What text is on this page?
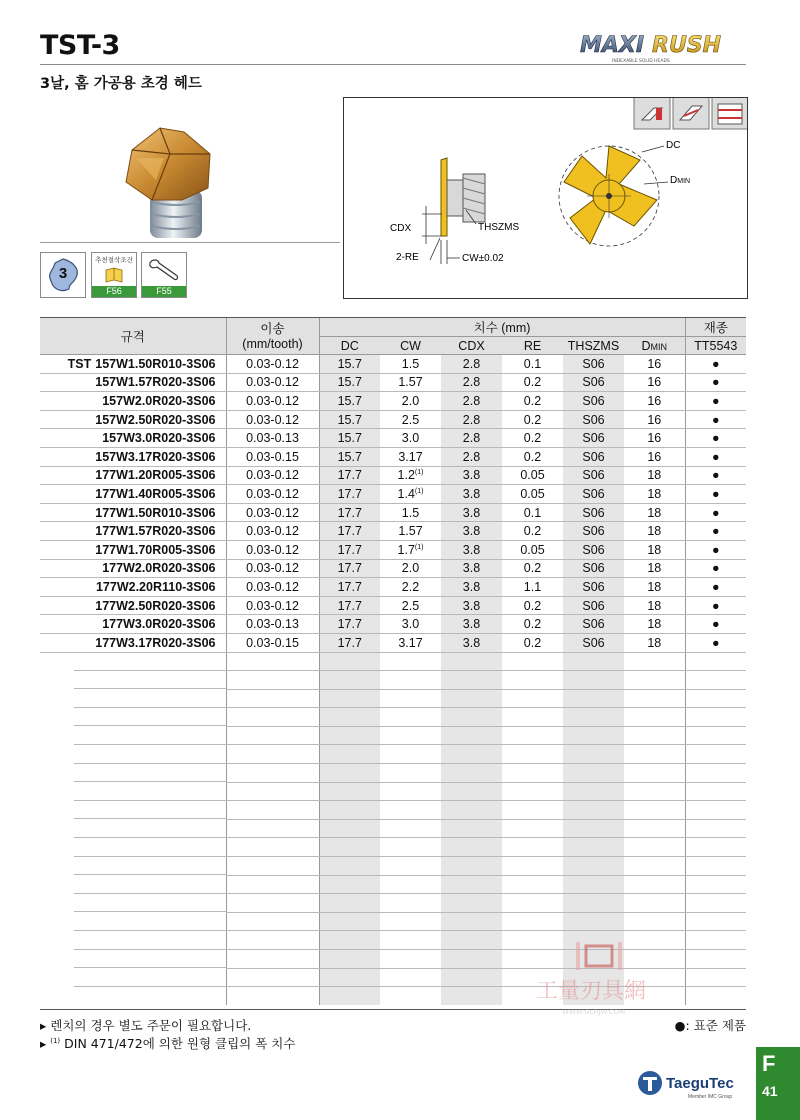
TST-3
3날, 홈 가공용 초경 헤드
MAXI RUSH
INDEXABLE SOLID HEADS
3
추천절삭조건
F56	F55
CDX	THSZMS
2-RE	CW±0.02
DC
DMIN
규격	이송	치수 (mm)						재종
	(mm/tooth)	DC	CW	CDX	RE	THSZMS	DMIN	TT5543
TST 157W1.50R010-3S06	0.03-0.12	15.7	1.5	2.8	0.1	S06	16	●
157W1.57R020-3S06	0.03-0.12	15.7	1.57	2.8	0.2	S06	16	●
157W2.0R020-3S06	0.03-0.12	15.7	2.0	2.8	0.2	S06	16	●
157W2.50R020-3S06	0.03-0.12	15.7	2.5	2.8	0.2	S06	16	●
157W3.0R020-3S06	0.03-0.13	15.7	3.0	2.8	0.2	S06	16	●
157W3.17R020-3S06	0.03-0.15	15.7	3.17	2.8	0.2	S06	16	●
177W1.20R005-3S06	0.03-0.12	17.7	1.2$^{(1)}$	3.8	0.05	S06	18	●
177W1.40R005-3S06	0.03-0.12	17.7	1.4$^{(1)}$	3.8	0.05	S06	18	●
177W1.50R010-3S06	0.03-0.12	17.7	1.5	3.8	0.1	S06	18	●
177W1.57R020-3S06	0.03-0.12	17.7	1.57	3.8	0.2	S06	18	●
177W1.70R005-3S06	0.03-0.12	17.7	1.7$^{(1)}$	3.8	0.05	S06	18	●
177W2.0R020-3S06	0.03-0.12	17.7	2.0	3.8	0.2	S06	18	●
177W2.20R110-3S06	0.03-0.12	17.7	2.2	3.8	1.1	S06	18	●
177W2.50R020-3S06	0.03-0.12	17.7	2.5	3.8	0.2	S06	18	●
177W3.0R020-3S06	0.03-0.13	17.7	3.0	3.8	0.2	S06	18	●
177W3.17R020-3S06	0.03-0.15	17.7	3.17	3.8	0.2	S06	18	●

工量刃具網
WWW.GLRJW.COM
▸ 렌치의 경우 별도 주문이 필요합니다.
▸ $^{(1)}$ DIN 471/472에 의한 원형 클립의 폭 치수
●: 표준 제품
TaeguTec
Member IMC Group
F
41
